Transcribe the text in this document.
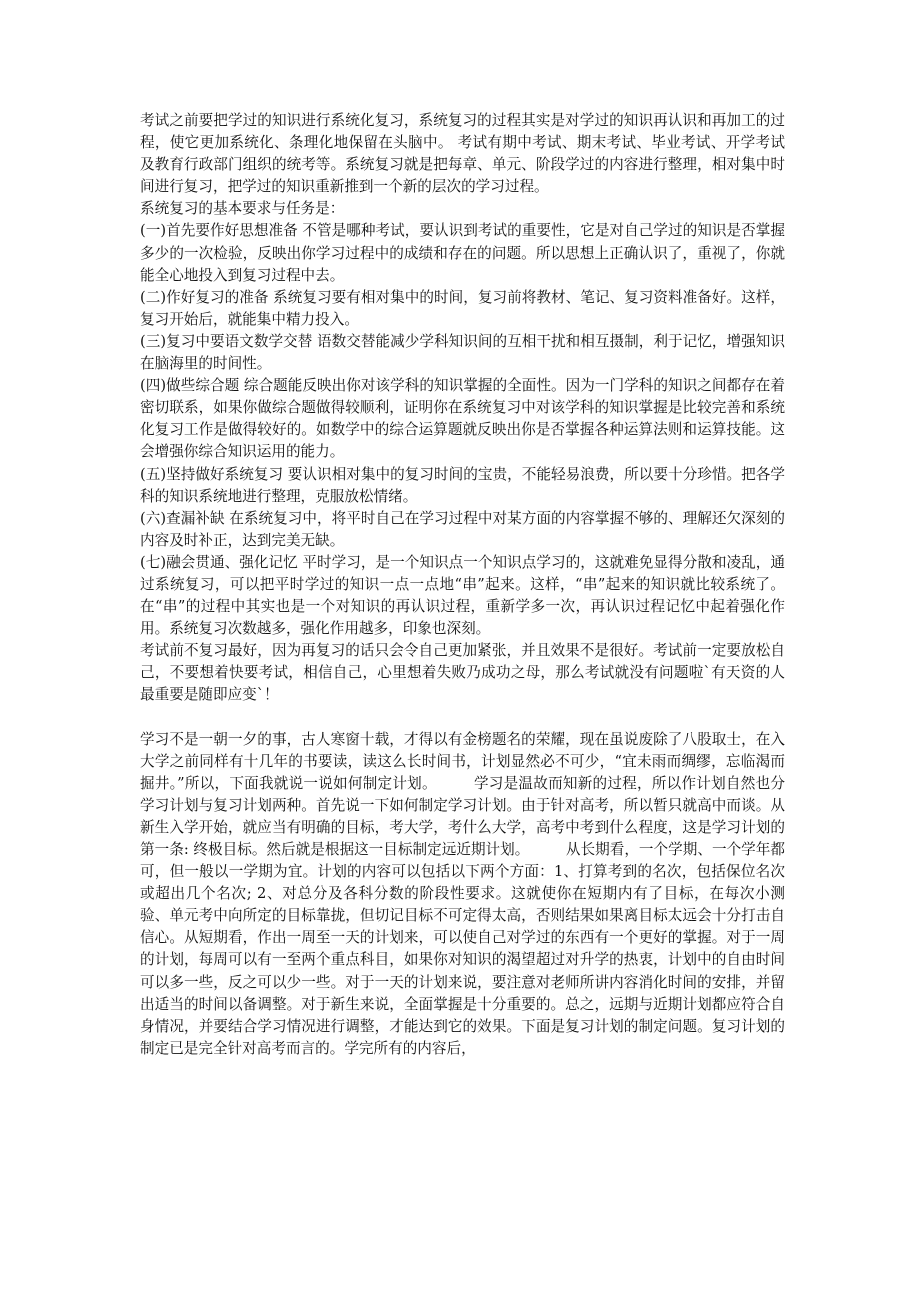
考试之前要把学过的知识进行系统化复习，系统复习的过程其实是对学过的知识再认识和再加工的过程，使它更加系统化、条理化地保留在头脑中。 考试有期中考试、期末考试、毕业考试、开学考试及教育行政部门组织的统考等。系统复习就是把每章、单元、阶段学过的内容进行整理，相对集中时间进行复习，把学过的知识重新推到一个新的层次的学习过程。

系统复习的基本要求与任务是：

(一)首先要作好思想准备 不管是哪种考试，要认识到考试的重要性，它是对自己学过的知识是否掌握多少的一次检验，反映出你学习过程中的成绩和存在的问题。所以思想上正确认识了，重视了，你就能全心地投入到复习过程中去。

(二)作好复习的准备 系统复习要有相对集中的时间，复习前将教材、笔记、复习资料准备好。这样，复习开始后，就能集中精力投入。

(三)复习中要语文数学交替 语数交替能减少学科知识间的互相干扰和相互摄制，利于记忆，增强知识在脑海里的时间性。

(四)做些综合题 综合题能反映出你对该学科的知识掌握的全面性。因为一门学科的知识之间都存在着密切联系，如果你做综合题做得较顺利，证明你在系统复习中对该学科的知识掌握是比较完善和系统化复习工作是做得较好的。如数学中的综合运算题就反映出你是否掌握各种运算法则和运算技能。这会增强你综合知识运用的能力。

(五)坚持做好系统复习 要认识相对集中的复习时间的宝贵，不能轻易浪费，所以要十分珍惜。把各学科的知识系统地进行整理，克服放松情绪。

(六)查漏补缺 在系统复习中，将平时自己在学习过程中对某方面的内容掌握不够的、理解还欠深刻的内容及时补正，达到完美无缺。

(七)融会贯通、强化记忆 平时学习，是一个知识点一个知识点学习的，这就难免显得分散和凌乱，通过系统复习，可以把平时学过的知识一点一点地“串”起来。这样，“串”起来的知识就比较系统了。在“串”的过程中其实也是一个对知识的再认识过程，重新学多一次，再认识过程记忆中起着强化作用。系统复习次数越多，强化作用越多，印象也深刻。

考试前不复习最好，因为再复习的话只会令自己更加紧张，并且效果不是很好。考试前一定要放松自己，不要想着快要考试，相信自己，心里想着失败乃成功之母，那么考试就没有问题啦`有天资的人最重要是随即应变`！

学习不是一朝一夕的事，古人寒窗十载，才得以有金榜题名的荣耀，现在虽说废除了八股取士，在入大学之前同样有十几年的书要读，读这么长时间书，计划显然必不可少，“宜未雨而绸缪，忘临渴而掘井。”所以，下面我就说一说如何制定计划。　　　学习是温故而知新的过程，所以作计划自然也分学习计划与复习计划两种。首先说一下如何制定学习计划。由于针对高考，所以暂只就高中而谈。从新生入学开始，就应当有明确的目标，考大学，考什么大学，高考中考到什么程度，这是学习计划的第一条: 终极目标。然后就是根据这一目标制定远近期计划。　　　从长期看，一个学期、一个学年都可，但一般以一学期为宜。计划的内容可以包括以下两个方面：1、打算考到的名次，包括保位名次或超出几个名次; 2、对总分及各科分数的阶段性要求。这就使你在短期内有了目标，在每次小测验、单元考中向所定的目标靠拢，但切记目标不可定得太高，否则结果如果离目标太远会十分打击自信心。从短期看，作出一周至一天的计划来，可以使自己对学过的东西有一个更好的掌握。对于一周的计划，每周可以有一至两个重点科目，如果你对知识的渴望超过对升学的热衷，计划中的自由时间可以多一些，反之可以少一些。对于一天的计划来说，要注意对老师所讲内容消化时间的安排，并留出适当的时间以备调整。对于新生来说，全面掌握是十分重要的。总之，远期与近期计划都应符合自身情况，并要结合学习情况进行调整，才能达到它的效果。下面是复习计划的制定问题。复习计划的制定已是完全针对高考而言的。学完所有的内容后，
